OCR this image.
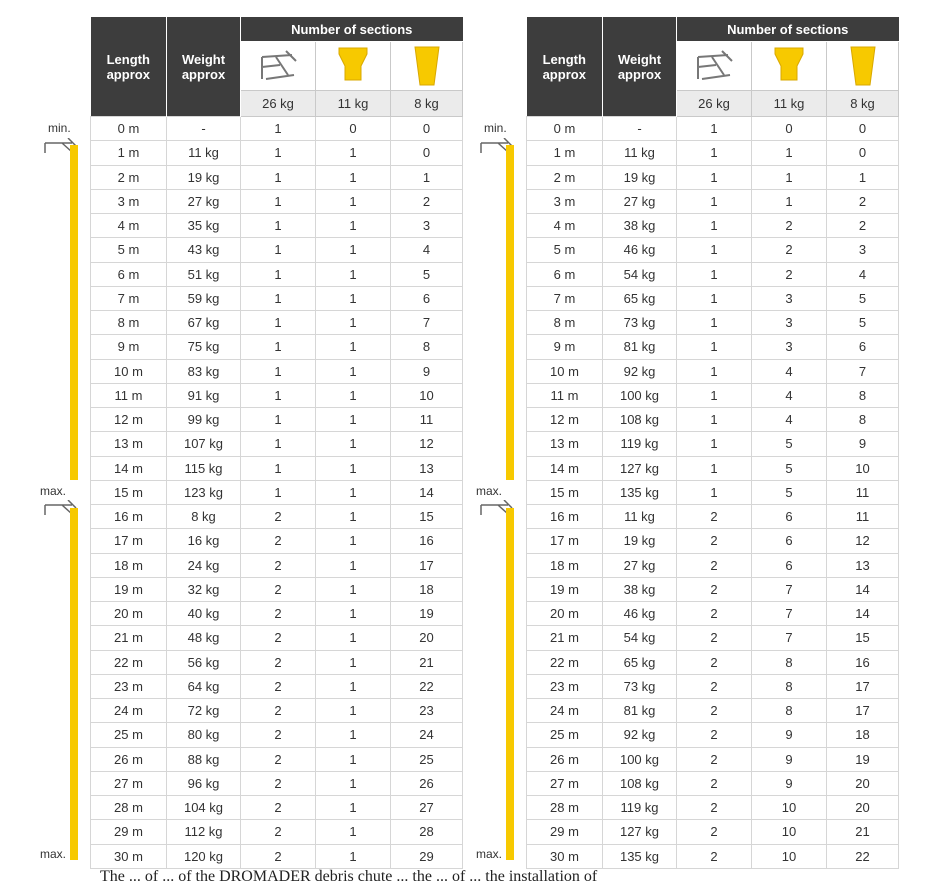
min.
max.
max.
min.
max.
max.
Length
approx	Weight
approx	Number of sections		

		26 kg	11 kg	8 kg
0 m	-	1	0	0
1 m	11 kg	1	1	0
2 m	19 kg	1	1	1
3 m	27 kg	1	1	2
4 m	35 kg	1	1	3
5 m	43 kg	1	1	4
6 m	51 kg	1	1	5
7 m	59 kg	1	1	6
8 m	67 kg	1	1	7
9 m	75 kg	1	1	8
10 m	83 kg	1	1	9
11 m	91 kg	1	1	10
12 m	99 kg	1	1	11
13 m	107 kg	1	1	12
14 m	115 kg	1	1	13
15 m	123 kg	1	1	14
16 m	8 kg	2	1	15
17 m	16 kg	2	1	16
18 m	24 kg	2	1	17
19 m	32 kg	2	1	18
20 m	40 kg	2	1	19
21 m	48 kg	2	1	20
22 m	56 kg	2	1	21
23 m	64 kg	2	1	22
24 m	72 kg	2	1	23
25 m	80 kg	2	1	24
26 m	88 kg	2	1	25
27 m	96 kg	2	1	26
28 m	104 kg	2	1	27
29 m	112 kg	2	1	28
30 m	120 kg	2	1	29
Length
approx	Weight
approx	Number of sections		

		26 kg	11 kg	8 kg
0 m	-	1	0	0
1 m	11 kg	1	1	0
2 m	19 kg	1	1	1
3 m	27 kg	1	1	2
4 m	38 kg	1	2	2
5 m	46 kg	1	2	3
6 m	54 kg	1	2	4
7 m	65 kg	1	3	5
8 m	73 kg	1	3	5
9 m	81 kg	1	3	6
10 m	92 kg	1	4	7
11 m	100 kg	1	4	8
12 m	108 kg	1	4	8
13 m	119 kg	1	5	9
14 m	127 kg	1	5	10
15 m	135 kg	1	5	11
16 m	11 kg	2	6	11
17 m	19 kg	2	6	12
18 m	27 kg	2	6	13
19 m	38 kg	2	7	14
20 m	46 kg	2	7	14
21 m	54 kg	2	7	15
22 m	65 kg	2	8	16
23 m	73 kg	2	8	17
24 m	81 kg	2	8	17
25 m	92 kg	2	9	18
26 m	100 kg	2	9	19
27 m	108 kg	2	9	20
28 m	119 kg	2	10	20
29 m	127 kg	2	10	21
30 m	135 kg	2	10	22
The ... of ... of the DROMADER debris chute ... the ... of ... the installation of
